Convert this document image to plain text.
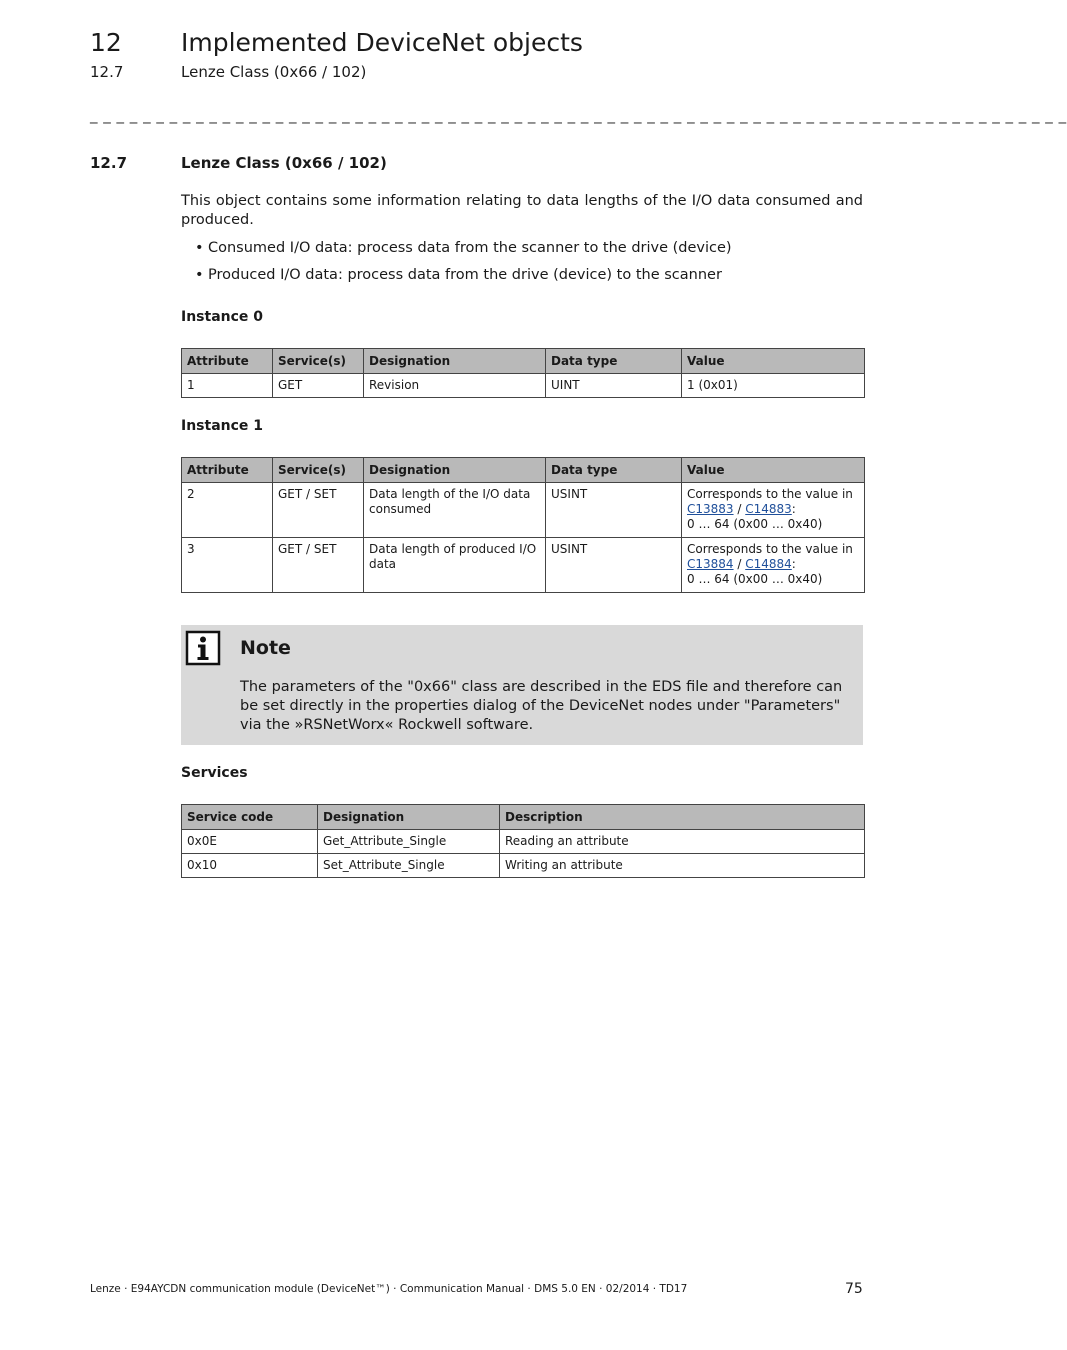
12 Implemented DeviceNet objects
12.7	Lenze Class (0x66 / 102)
_ _ _ _ _ _ _ _ _ _ _ _ _ _ _ _ _ _ _ _ _ _ _ _ _ _ _ _ _ _ _ _ _ _ _ _ _ _ _ _ _ _ _ _ _ _ _ _ _ _ _ _ _ _ _ _ _ _ _ _ _ _ _ _ _ _ _ _ _ _ _ _ _ _
12.7	Lenze Class (0x66 / 102)
This object contains some information relating to data lengths of the I/O data consumed and produced.
• Consumed I/O data: process data from the scanner to the drive (device)
• Produced I/O data: process data from the drive (device) to the scanner
Instance 0
Attribute	Service(s)	Designation	Data type	Value
1	GET	Revision	UINT	1 (0x01)
Instance 1
Attribute	Service(s)	Designation	Data type	Value
2	GET / SET	Data length of the I/O data consumed	USINT	Corresponds to the value in
C13883 / C14883:
0 … 64 (0x00 … 0x40)
3	GET / SET	Data length of produced I/O data	USINT	Corresponds to the value in
C13884 / C14884:
0 … 64 (0x00 … 0x40)
Note
The parameters of the "0x66" class are described in the EDS file and therefore can be set directly in the properties dialog of the DeviceNet nodes under "Parameters" via the »RSNetWorx« Rockwell software.
Services
Service code	Designation	Description
0x0E	Get_Attribute_Single	Reading an attribute
0x10	Set_Attribute_Single	Writing an attribute
Lenze · E94AYCDN communication module (DeviceNet™) · Communication Manual · DMS 5.0 EN · 02/2014 · TD17	75
